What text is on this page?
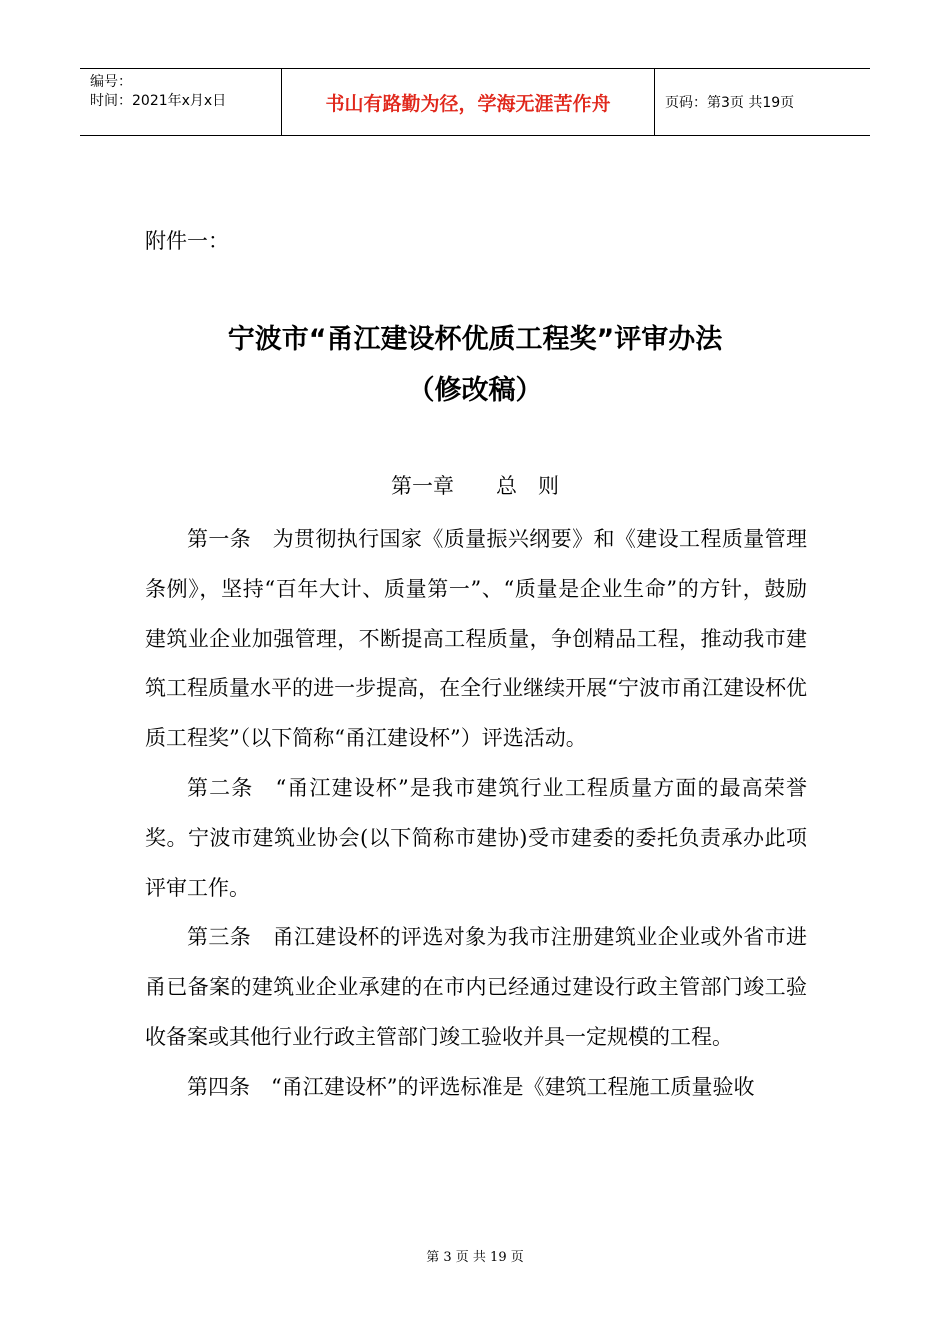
编号：
时间：2021年x月x日	书山有路勤为径，学海无涯苦作舟	页码：第3页 共19页
附件一：
宁波市“甬江建设杯优质工程奖”评审办法
（修改稿）
第一章　　总　则

第一条　为贯彻执行国家《质量振兴纲要》和《建设工程质量管理条例》，坚持“百年大计、质量第一”、“质量是企业生命”的方针，鼓励建筑业企业加强管理，不断提高工程质量，争创精品工程，推动我市建筑工程质量水平的进一步提高，在全行业继续开展“宁波市甬江建设杯优质工程奖”（以下简称“甬江建设杯”）评选活动。

第二条　“甬江建设杯”是我市建筑行业工程质量方面的最高荣誉奖。宁波市建筑业协会(以下简称市建协)受市建委的委托负责承办此项评审工作。

第三条　甬江建设杯的评选对象为我市注册建筑业企业或外省市进甬已备案的建筑业企业承建的在市内已经通过建设行政主管部门竣工验收备案或其他行业行政主管部门竣工验收并具一定规模的工程。

第四条　“甬江建设杯”的评选标准是《建筑工程施工质量验收

第 3 页 共 19 页
